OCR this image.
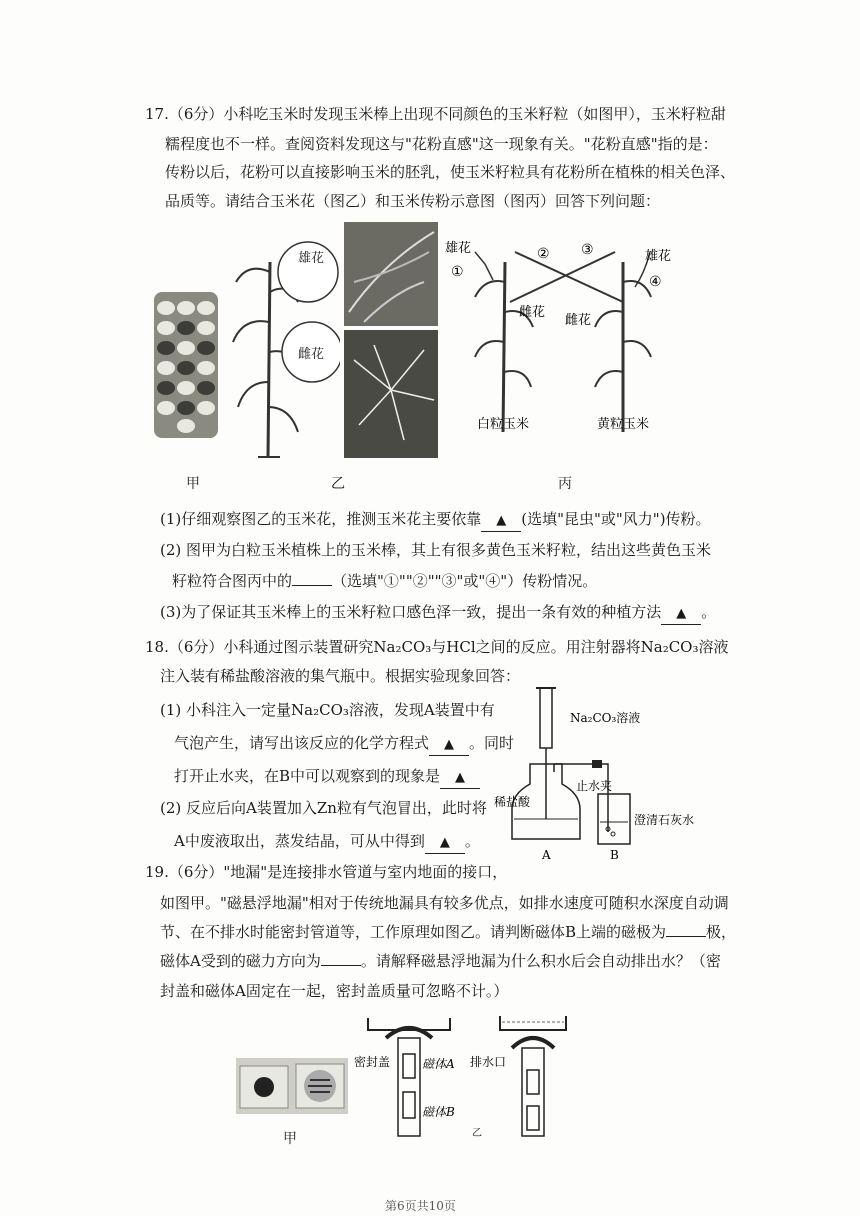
17.（6分）小科吃玉米时发现玉米棒上出现不同颜色的玉米籽粒（如图甲），玉米籽粒甜
糯程度也不一样。查阅资料发现这与"花粉直感"这一现象有关。"花粉直感"指的是：
传粉以后，花粉可以直接影响玉米的胚乳，使玉米籽粒具有花粉所在植株的相关色泽、
品质等。请结合玉米花（图乙）和玉米传粉示意图（图丙）回答下列问题：
甲
雄花
雌花
乙
雄花
雄花
①
② ③
④
雌花
雌花
白粒玉米	黄粒玉米
丙
(1)仔细观察图乙的玉米花，推测玉米花主要依靠 ▲ (选填"昆虫"或"风力")传粉。
(2) 图甲为白粒玉米植株上的玉米棒，其上有很多黄色玉米籽粒，结出这些黄色玉米
籽粒符合图丙中的	（选填"①""②""③"或"④"）传粉情况。
(3)为了保证其玉米棒上的玉米籽粒口感色泽一致，提出一条有效的种植方法 ▲ 。
18.（6分）小科通过图示装置研究Na₂CO₃与HCl之间的反应。用注射器将Na₂CO₃溶液
注入装有稀盐酸溶液的集气瓶中。根据实验现象回答：
(1) 小科注入一定量Na₂CO₃溶液，发现A装置中有
气泡产生，请写出该反应的化学方程式 ▲ 。同时
打开止水夹，在B中可以观察到的现象是 ▲
(2) 反应后向A装置加入Zn粒有气泡冒出，此时将
A中废液取出，蒸发结晶，可从中得到 ▲ 。
Na₂CO₃溶液
止水夹
稀盐酸
澄清石灰水
A	B
19.（6分）"地漏"是连接排水管道与室内地面的接口，
如图甲。"磁悬浮地漏"相对于传统地漏具有较多优点，如排水速度可随积水深度自动调
节、在不排水时能密封管道等，工作原理如图乙。请判断磁体B上端的磁极为	极，
磁体A受到的磁力方向为	。请解释磁悬浮地漏为什么积水后会自动排出水？（密
封盖和磁体A固定在一起，密封盖质量可忽略不计。）
甲
密封盖	磁体A
磁体B
排水口
乙
第6页共10页
